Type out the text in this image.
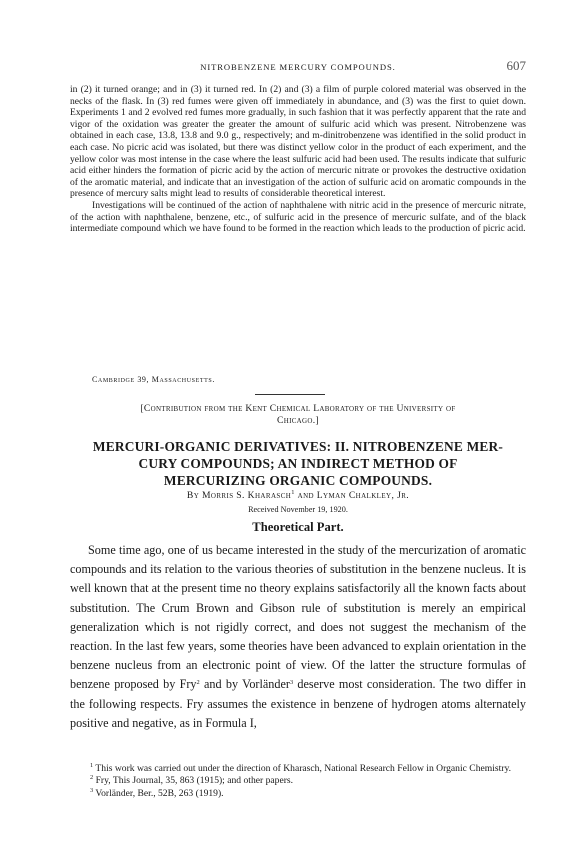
NITROBENZENE MERCURY COMPOUNDS.	607

in (2) it turned orange; and in (3) it turned red. In (2) and (3) a film of purple colored material was observed in the necks of the flask. In (3) red fumes were given off immediately in abundance, and (3) was the first to quiet down. Experiments 1 and 2 evolved red fumes more gradually, in such fashion that it was perfectly apparent that the rate and vigor of the oxidation was greater the greater the amount of sulfuric acid which was present. Nitrobenzene was obtained in each case, 13.8, 13.8 and 9.0 g., respectively; and m-dinitrobenzene was identified in the solid product in each case. No picric acid was isolated, but there was distinct yellow color in the product of each experiment, and the yellow color was most intense in the case where the least sulfuric acid had been used. The results indicate that sulfuric acid either hinders the formation of picric acid by the action of mercuric nitrate or provokes the destructive oxidation of the aromatic material, and indicate that an investigation of the action of sulfuric acid on aromatic compounds in the presence of mercury salts might lead to results of considerable theoretical interest.

Investigations will be continued of the action of naphthalene with nitric acid in the presence of mercuric nitrate, of the action with naphthalene, benzene, etc., of sulfuric acid in the presence of mercuric sulfate, and of the black intermediate compound which we have found to be formed in the reaction which leads to the production of picric acid.

Cambridge 39, Massachusetts.
[Contribution from the Kent Chemical Laboratory of the University of
Chicago.]
MERCURI-ORGANIC DERIVATIVES: II. NITROBENZENE MER-
CURY COMPOUNDS; AN INDIRECT METHOD OF
MERCURIZING ORGANIC COMPOUNDS.
By Morris S. Kharasch$^1$ and Lyman Chalkley, Jr.
Received November 19, 1920.
Theoretical Part.

Some time ago, one of us became interested in the study of the mercurization of aromatic compounds and its relation to the various theories of substitution in the benzene nucleus. It is well known that at the present time no theory explains satisfactorily all the known facts about substitution. The Crum Brown and Gibson rule of substitution is merely an empirical generalization which is not rigidly correct, and does not suggest the mechanism of the reaction. In the last few years, some theories have been advanced to explain orientation in the benzene nucleus from an electronic point of view. Of the latter the structure formulas of benzene proposed by Fry$^2$ and by Vorländer$^3$ deserve most consideration. The two differ in the following respects. Fry assumes the existence in benzene of hydrogen atoms alternately positive and negative, as in Formula I,

$^1$ This work was carried out under the direction of Kharasch, National Research Fellow in Organic Chemistry.

$^2$ Fry, This Journal, 35, 863 (1915); and other papers.

$^3$ Vorländer, Ber., 52B, 263 (1919).
